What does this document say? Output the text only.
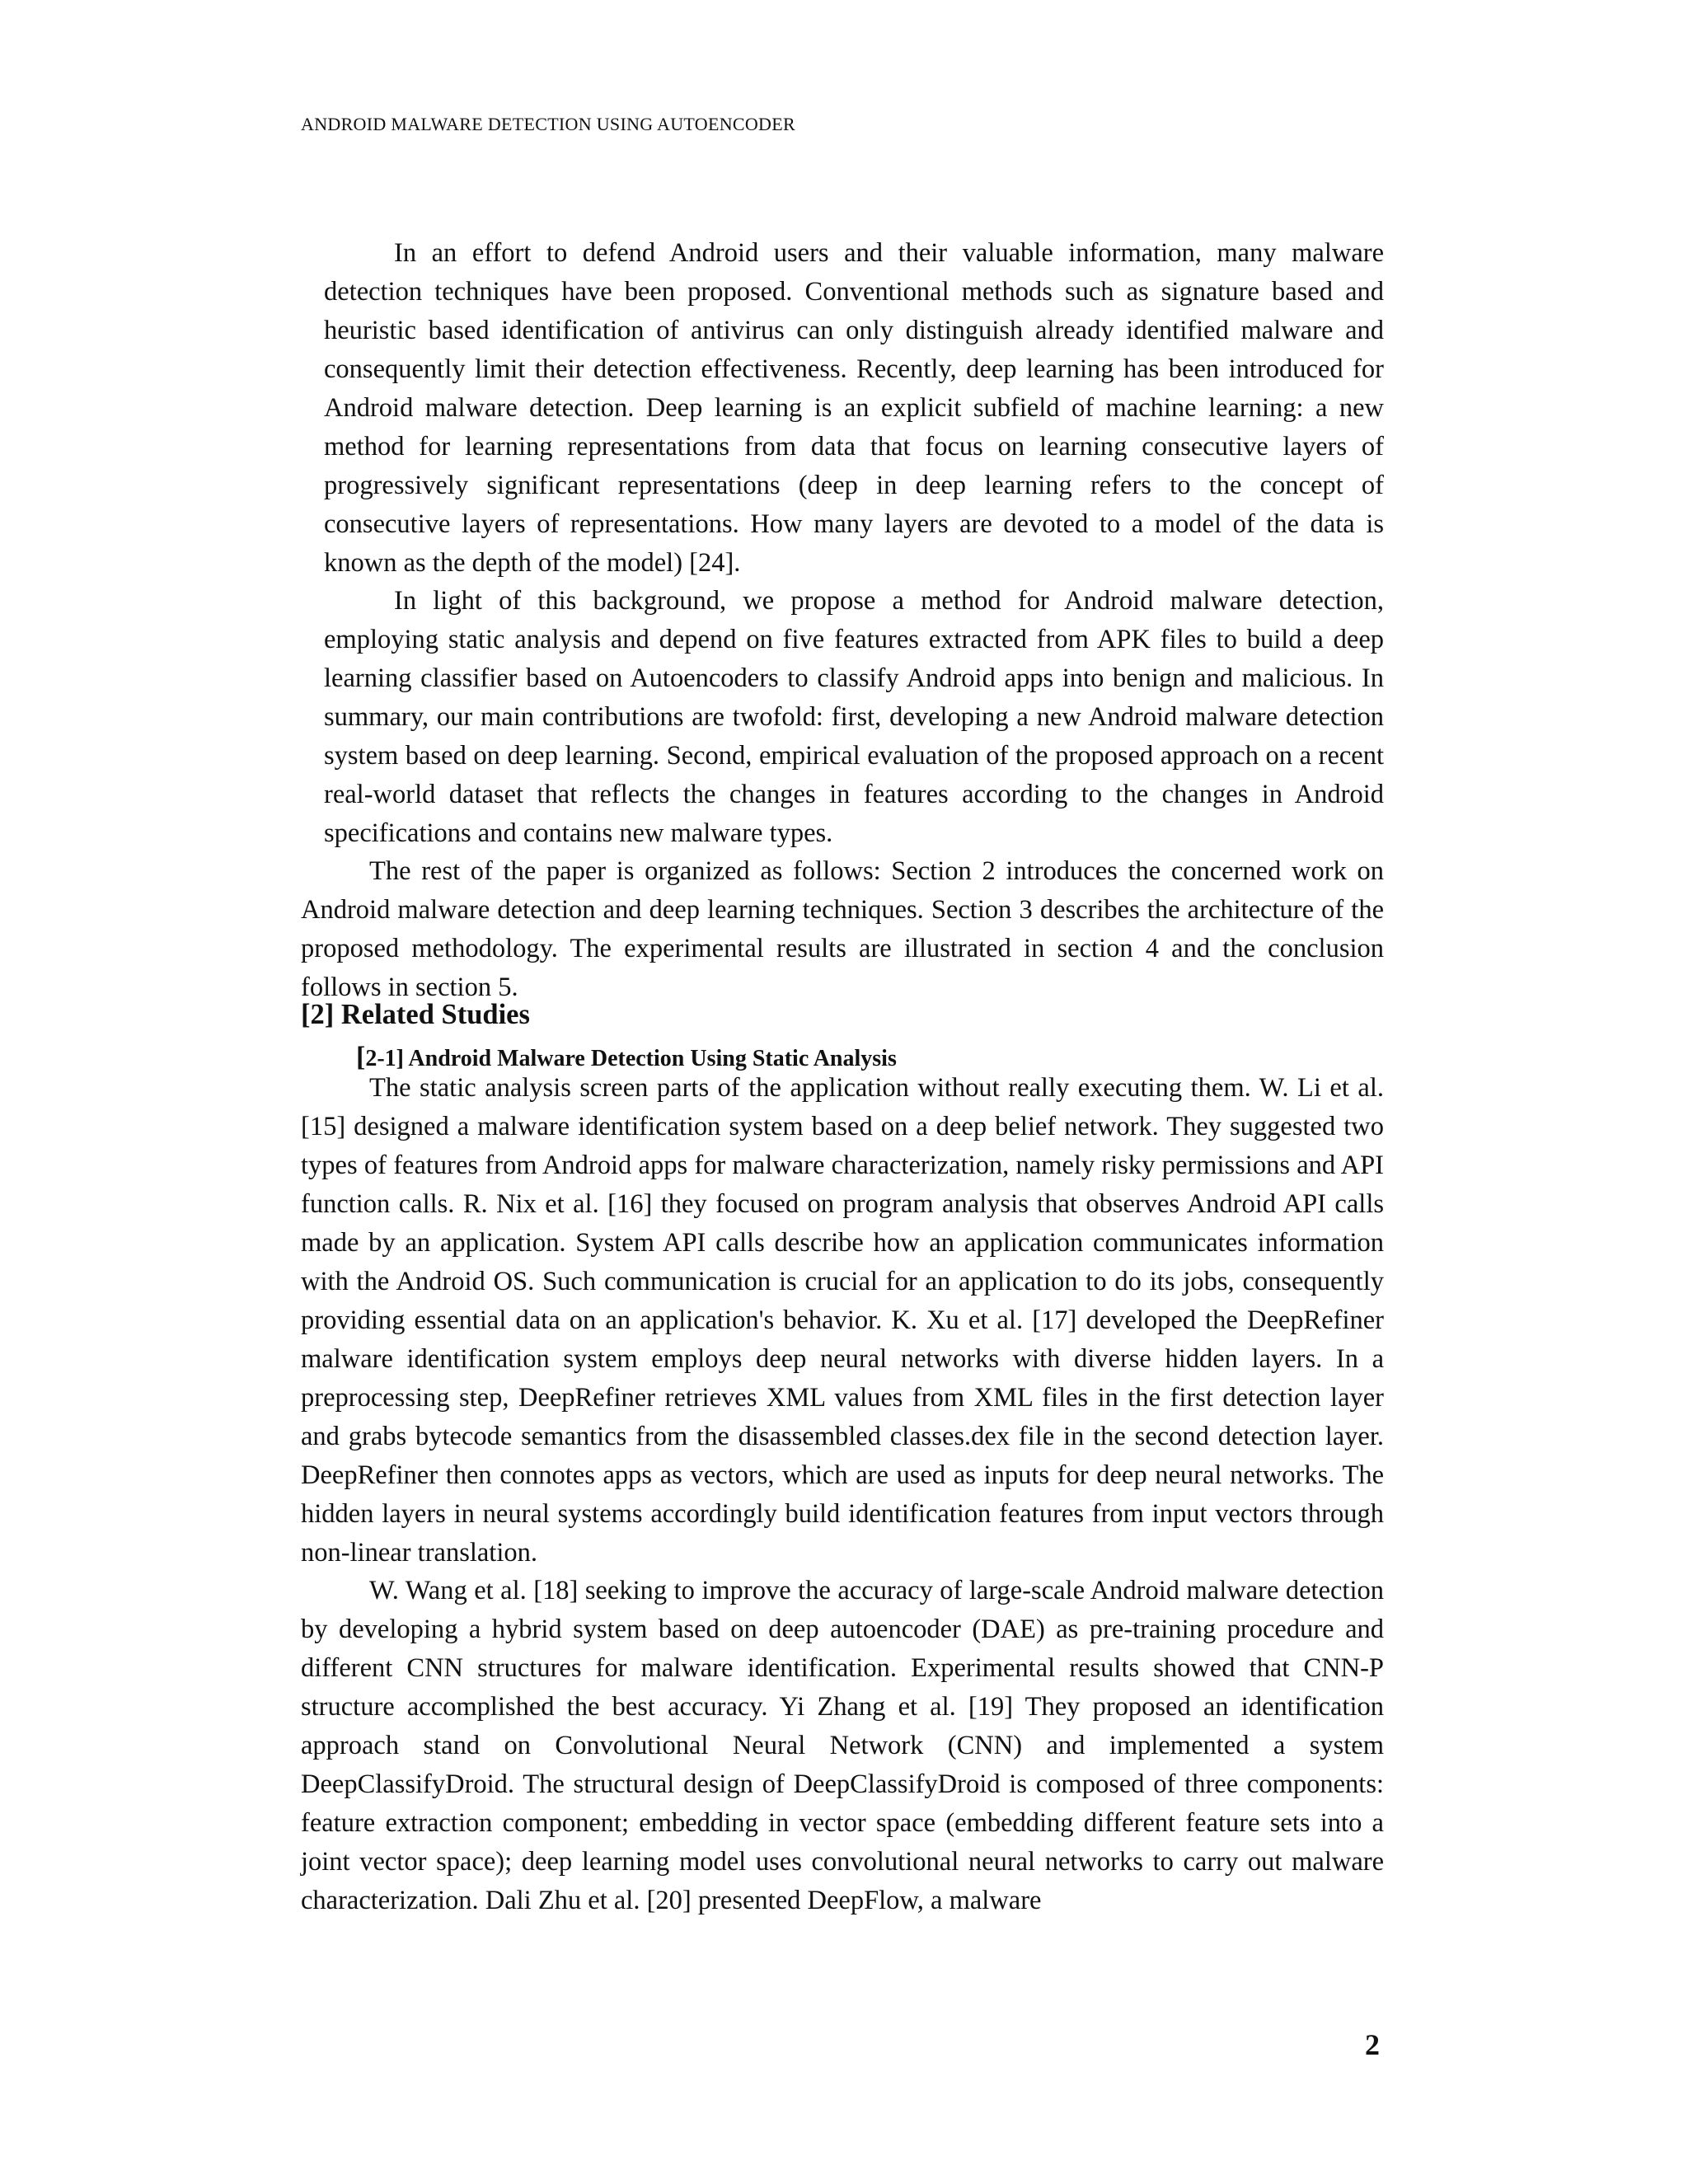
ANDROID MALWARE DETECTION USING AUTOENCODER

In an effort to defend Android users and their valuable information, many malware detection techniques have been proposed. Conventional methods such as signature based and heuristic based identification of antivirus can only distinguish already identified malware and consequently limit their detection effectiveness. Recently, deep learning has been introduced for Android malware detection. Deep learning is an explicit subfield of machine learning: a new method for learning representations from data that focus on learning consecutive layers of progressively significant representations (deep in deep learning refers to the concept of consecutive layers of representations. How many layers are devoted to a model of the data is known as the depth of the model) [24].

In light of this background, we propose a method for Android malware detection, employing static analysis and depend on five features extracted from APK files to build a deep learning classifier based on Autoencoders to classify Android apps into benign and malicious. In summary, our main contributions are twofold: first, developing a new Android malware detection system based on deep learning. Second, empirical evaluation of the proposed approach on a recent real-world dataset that reflects the changes in features according to the changes in Android specifications and contains new malware types.

The rest of the paper is organized as follows: Section 2 introduces the concerned work on Android malware detection and deep learning techniques. Section 3 describes the architecture of the proposed methodology. The experimental results are illustrated in section 4 and the conclusion follows in section 5.

[2] Related Studies
[2-1] Android Malware Detection Using Static Analysis

The static analysis screen parts of the application without really executing them. W. Li et al. [15] designed a malware identification system based on a deep belief network. They suggested two types of features from Android apps for malware characterization, namely risky permissions and API function calls. R. Nix et al. [16] they focused on program analysis that observes Android API calls made by an application. System API calls describe how an application communicates information with the Android OS. Such communication is crucial for an application to do its jobs, consequently providing essential data on an application's behavior. K. Xu et al. [17] developed the DeepRefiner malware identification system employs deep neural networks with diverse hidden layers. In a preprocessing step, DeepRefiner retrieves XML values from XML files in the first detection layer and grabs bytecode semantics from the disassembled classes.dex file in the second detection layer. DeepRefiner then connotes apps as vectors, which are used as inputs for deep neural networks. The hidden layers in neural systems accordingly build identification features from input vectors through non-linear translation.

W. Wang et al. [18] seeking to improve the accuracy of large-scale Android malware detection by developing a hybrid system based on deep autoencoder (DAE) as pre-training procedure and different CNN structures for malware identification. Experimental results showed that CNN-P structure accomplished the best accuracy. Yi Zhang et al. [19] They proposed an identification approach stand on Convolutional Neural Network (CNN) and implemented a system DeepClassifyDroid. The structural design of DeepClassifyDroid is composed of three components: feature extraction component; embedding in vector space (embedding different feature sets into a joint vector space); deep learning model uses convolutional neural networks to carry out malware characterization. Dali Zhu et al. [20] presented DeepFlow, a malware

2
